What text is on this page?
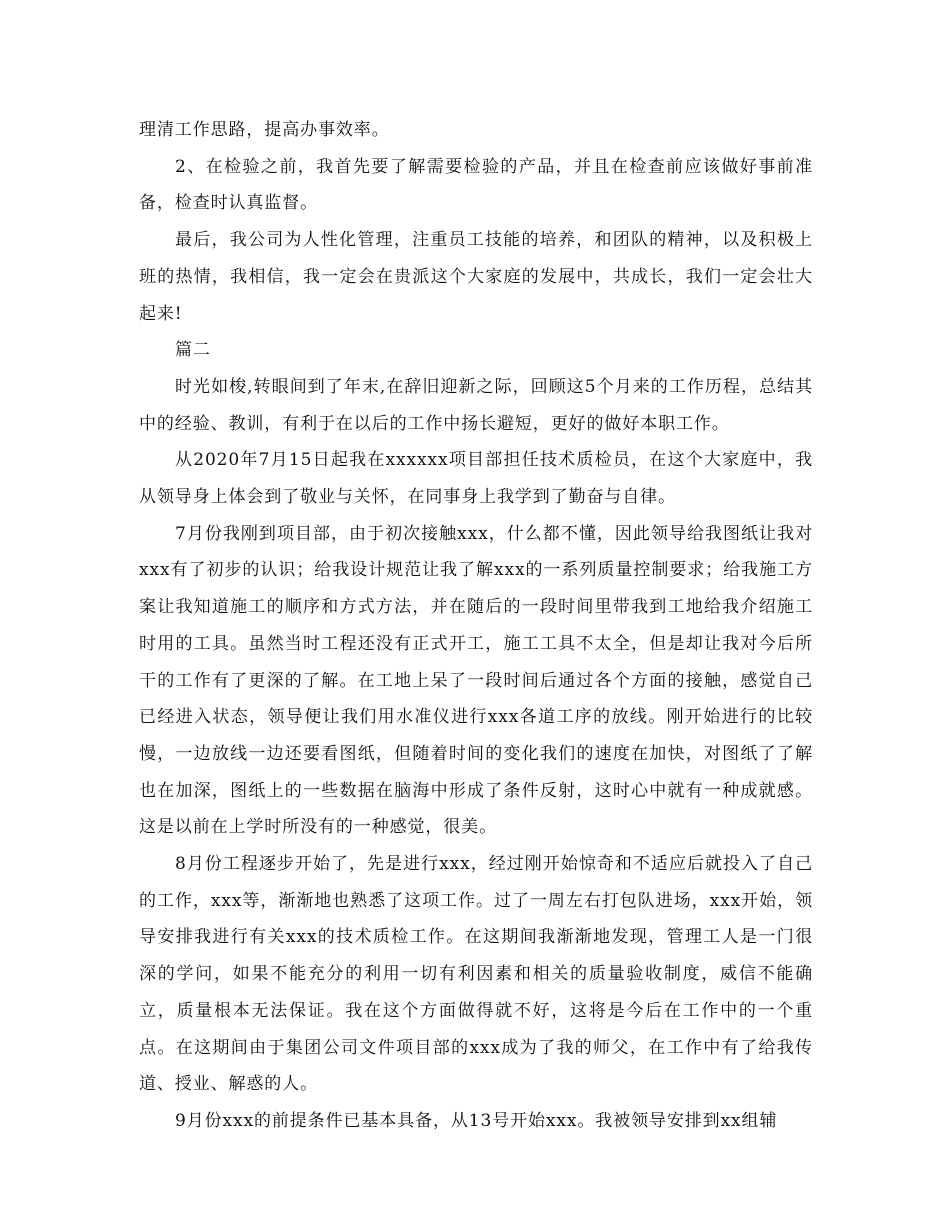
理清工作思路，提高办事效率。

2、在检验之前，我首先要了解需要检验的产品，并且在检查前应该做好事前准备，检查时认真监督。

最后，我公司为人性化管理，注重员工技能的培养，和团队的精神，以及积极上班的热情，我相信，我一定会在贵派这个大家庭的发展中，共成长，我们一定会壮大起来!

篇二

时光如梭,转眼间到了年末,在辞旧迎新之际，回顾这5个月来的工作历程，总结其中的经验、教训，有利于在以后的工作中扬长避短，更好的做好本职工作。

从2020年7月15日起我在xxxxxx项目部担任技术质检员，在这个大家庭中，我从领导身上体会到了敬业与关怀，在同事身上我学到了勤奋与自律。

7月份我刚到项目部，由于初次接触xxx，什么都不懂，因此领导给我图纸让我对xxx有了初步的认识；给我设计规范让我了解xxx的一系列质量控制要求；给我施工方案让我知道施工的顺序和方式方法，并在随后的一段时间里带我到工地给我介绍施工时用的工具。虽然当时工程还没有正式开工，施工工具不太全，但是却让我对今后所干的工作有了更深的了解。在工地上呆了一段时间后通过各个方面的接触，感觉自己已经进入状态，领导便让我们用水准仪进行xxx各道工序的放线。刚开始进行的比较慢，一边放线一边还要看图纸，但随着时间的变化我们的速度在加快，对图纸了了解也在加深，图纸上的一些数据在脑海中形成了条件反射，这时心中就有一种成就感。这是以前在上学时所没有的一种感觉，很美。

8月份工程逐步开始了，先是进行xxx，经过刚开始惊奇和不适应后就投入了自己的工作，xxx等，渐渐地也熟悉了这项工作。过了一周左右打包队进场，xxx开始，领导安排我进行有关xxx的技术质检工作。在这期间我渐渐地发现，管理工人是一门很深的学问，如果不能充分的利用一切有利因素和相关的质量验收制度，威信不能确立，质量根本无法保证。我在这个方面做得就不好，这将是今后在工作中的一个重点。在这期间由于集团公司文件项目部的xxx成为了我的师父，在工作中有了给我传道、授业、解惑的人。

9月份xxx的前提条件已基本具备，从13号开始xxx。我被领导安排到xx组辅
